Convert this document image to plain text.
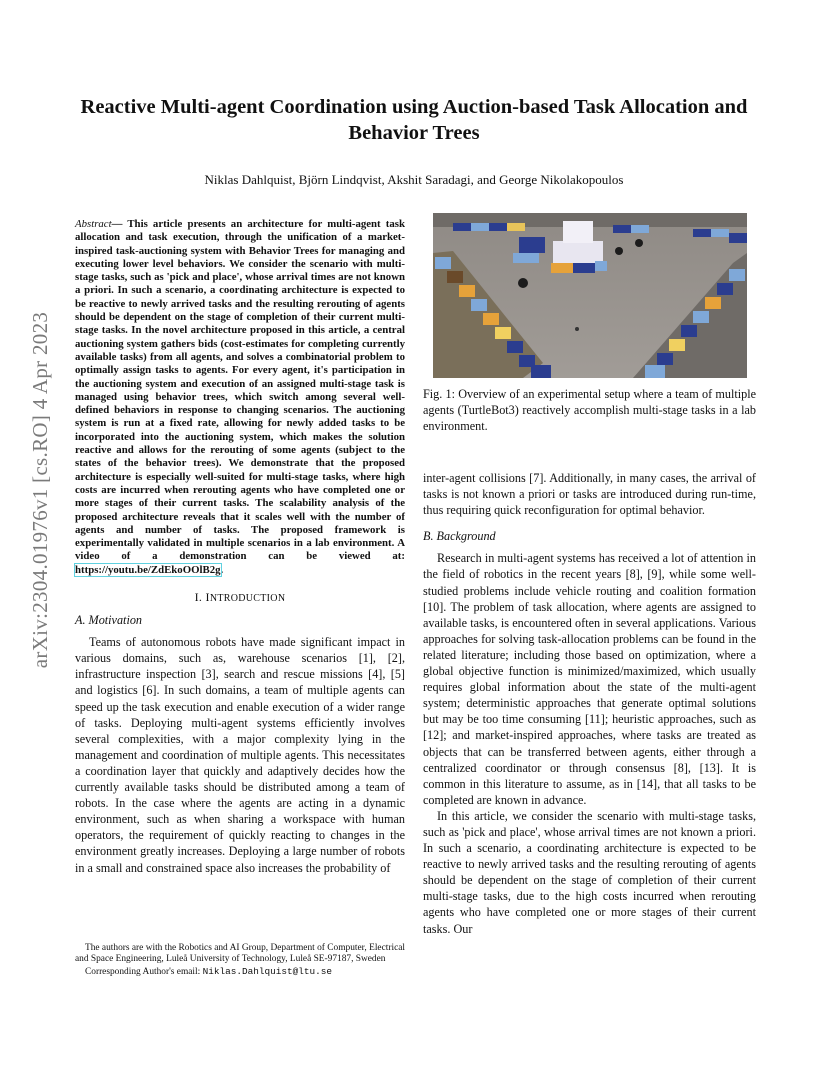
arXiv:2304.01976v1 [cs.RO] 4 Apr 2023
Reactive Multi-agent Coordination using Auction-based Task Allocation and Behavior Trees
Niklas Dahlquist, Björn Lindqvist, Akshit Saradagi, and George Nikolakopoulos

Abstract— This article presents an architecture for multi-agent task allocation and task execution, through the unification of a market-inspired task-auctioning system with Behavior Trees for managing and executing lower level behaviors. We consider the scenario with multi-stage tasks, such as 'pick and place', whose arrival times are not known a priori. In such a scenario, a coordinating architecture is expected to be reactive to newly arrived tasks and the resulting rerouting of agents should be dependent on the stage of completion of their current multi-stage tasks. In the novel architecture proposed in this article, a central auctioning system gathers bids (cost-estimates for completing currently available tasks) from all agents, and solves a combinatorial problem to optimally assign tasks to agents. For every agent, it's participation in the auctioning system and execution of an assigned multi-stage task is managed using behavior trees, which switch among several well-defined behaviors in response to changing scenarios. The auctioning system is run at a fixed rate, allowing for newly added tasks to be incorporated into the auctioning system, which makes the solution reactive and allows for the rerouting of some agents (subject to the states of the behavior trees). We demonstrate that the proposed architecture is especially well-suited for multi-stage tasks, where high costs are incurred when rerouting agents who have completed one or more stages of their current tasks. The scalability analysis of the proposed architecture reveals that it scales well with the number of agents and number of tasks. The proposed framework is experimentally validated in multiple scenarios in a lab environment. A video of a demonstration can be viewed at: https://youtu.be/ZdEkoOOlB2g.

I. INTRODUCTION
A. Motivation

Teams of autonomous robots have made significant impact in various domains, such as, warehouse scenarios [1], [2], infrastructure inspection [3], search and rescue missions [4], [5] and logistics [6]. In such domains, a team of multiple agents can speed up the task execution and enable execution of a wider range of tasks. Deploying multi-agent systems efficiently involves several complexities, with a major complexity lying in the management and coordination of multiple agents. This necessitates a coordination layer that quickly and adaptively decides how the currently available tasks should be distributed among a team of robots. In the case where the agents are acting in a dynamic environment, such as when sharing a workspace with human operators, the requirement of quickly reacting to changes in the environment greatly increases. Deploying a large number of robots in a small and constrained space also increases the probability of

The authors are with the Robotics and AI Group, Department of Computer, Electrical and Space Engineering, Luleå University of Technology, Luleå SE-97187, Sweden

Corresponding Author's email: Niklas.Dahlquist@ltu.se

Fig. 1: Overview of an experimental setup where a team of multiple agents (TurtleBot3) reactively accomplish multi-stage tasks in a lab environment.

inter-agent collisions [7]. Additionally, in many cases, the arrival of tasks is not known a priori or tasks are introduced during run-time, thus requiring quick reconfiguration for optimal behavior.

B. Background

Research in multi-agent systems has received a lot of attention in the field of robotics in the recent years [8], [9], while some well-studied problems include vehicle routing and coalition formation [10]. The problem of task allocation, where agents are assigned to available tasks, is encountered often in several applications. Various approaches for solving task-allocation problems can be found in the related literature; including those based on optimization, where a global objective function is minimized/maximized, which usually requires global information about the state of the multi-agent system; deterministic approaches that generate optimal solutions but may be too time consuming [11]; heuristic approaches, such as [12]; and market-inspired approaches, where tasks are treated as objects that can be transferred between agents, either through a centralized coordinator or through consensus [8], [13]. It is common in this literature to assume, as in [14], that all tasks to be completed are known in advance.

In this article, we consider the scenario with multi-stage tasks, such as 'pick and place', whose arrival times are not known a priori. In such a scenario, a coordinating architecture is expected to be reactive to newly arrived tasks and the resulting rerouting of agents should be dependent on the stage of completion of their current multi-stage tasks, due to the high costs incurred when rerouting agents who have completed one or more stages of their current tasks. Our
